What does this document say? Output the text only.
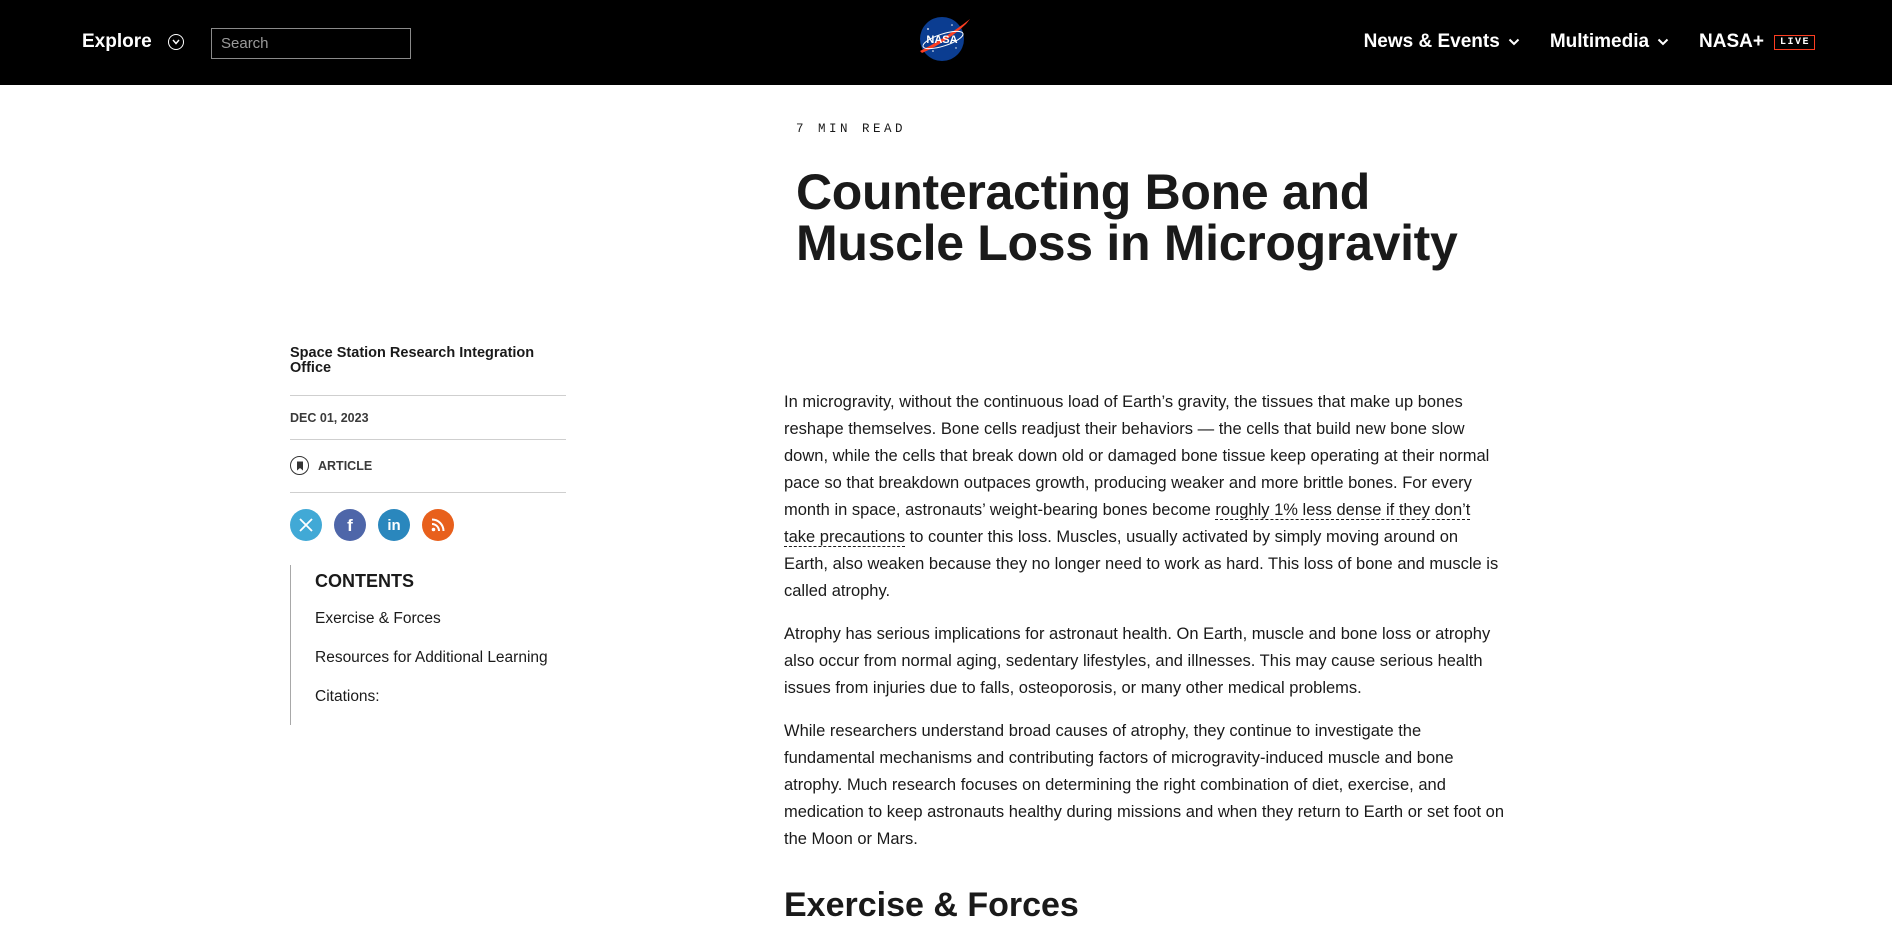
Explore
Search	NASA	News & Events	Multimedia	NASA+	LIVE
7 MIN READ
Counteracting Bone and Muscle Loss in Microgravity
Space Station Research Integration Office
DEC 01, 2023
ARTICLE
f in
CONTENTS
Exercise & Forces
Resources for Additional Learning
Citations:

In microgravity, without the continuous load of Earth’s gravity, the tissues that make up bones reshape themselves. Bone cells readjust their behaviors — the cells that build new bone slow down, while the cells that break down old or damaged bone tissue keep operating at their normal pace so that breakdown outpaces growth, producing weaker and more brittle bones. For every month in space, astronauts’ weight-bearing bones become roughly 1% less dense if they don’t take precautions to counter this loss. Muscles, usually activated by simply moving around on Earth, also weaken because they no longer need to work as hard. This loss of bone and muscle is called atrophy.

Atrophy has serious implications for astronaut health. On Earth, muscle and bone loss or atrophy also occur from normal aging, sedentary lifestyles, and illnesses. This may cause serious health issues from injuries due to falls, osteoporosis, or many other medical problems.

While researchers understand broad causes of atrophy, they continue to investigate the fundamental mechanisms and contributing factors of microgravity-induced muscle and bone atrophy. Much research focuses on determining the right combination of diet, exercise, and medication to keep astronauts healthy during missions and when they return to Earth or set foot on the Moon or Mars.

Exercise & Forces
